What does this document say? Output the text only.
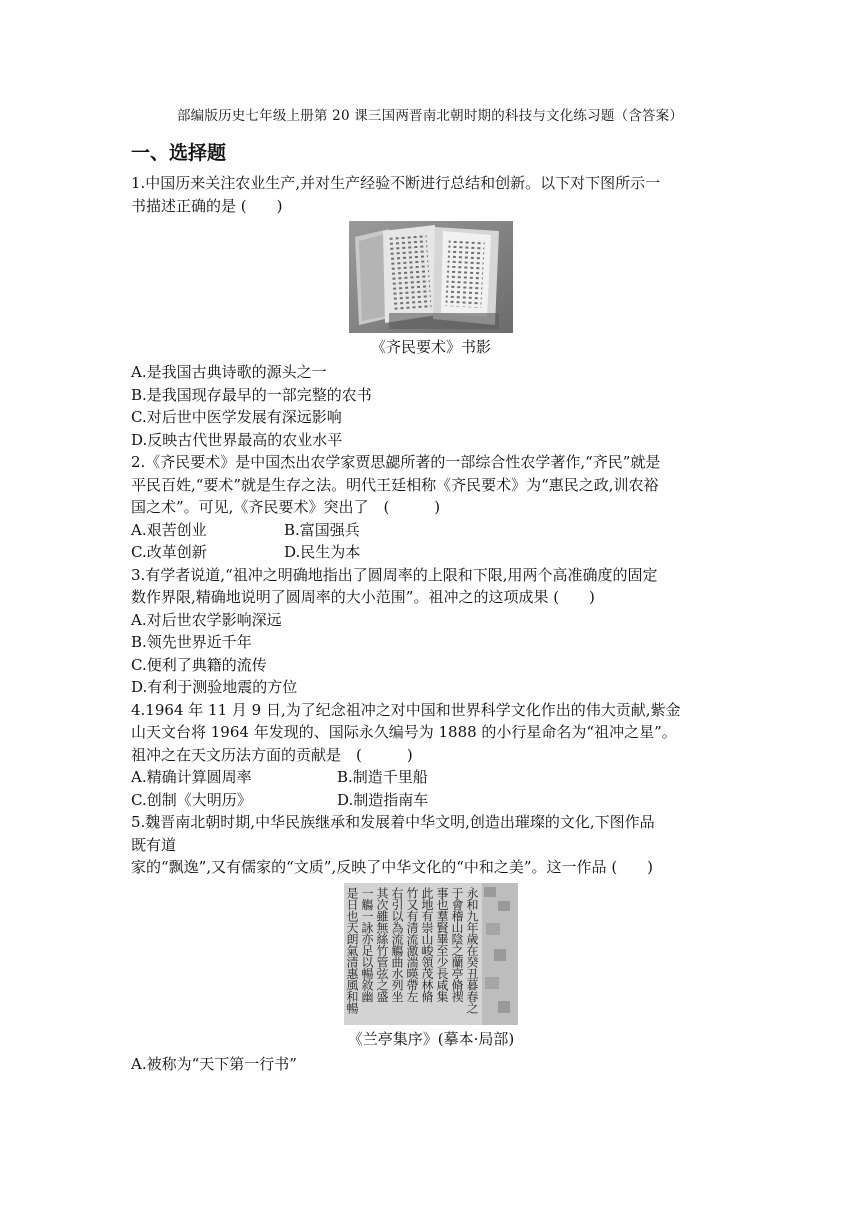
部编版历史七年级上册第 20 课三国两晋南北朝时期的科技与文化练习题（含答案）
一、选择题
1.中国历来关注农业生产,并对生产经验不断进行总结和创新。以下对下图所示一
书描述正确的是 (　　)
《齐民要术》书影
A.是我国古典诗歌的源头之一
B.是我国现存最早的一部完整的农书
C.对后世中医学发展有深远影响
D.反映古代世界最高的农业水平
2.《齐民要术》是中国杰出农学家贾思勰所著的一部综合性农学著作,“齐民”就是
平民百姓,“要术”就是生存之法。明代王廷相称《齐民要术》为“惠民之政,训农裕
国之术”。可见,《齐民要术》突出了　(　　　)
A.艰苦创业	B.富国强兵
C.改革创新	D.民生为本
3.有学者说道,“祖冲之明确地指出了圆周率的上限和下限,用两个高准确度的固定
数作界限,精确地说明了圆周率的大小范围”。祖冲之的这项成果 (　　)
A.对后世农学影响深远
B.领先世界近千年
C.便利了典籍的流传
D.有利于测验地震的方位
4.1964 年 11 月 9 日,为了纪念祖冲之对中国和世界科学文化作出的伟大贡献,紫金
山天文台将 1964 年发现的、国际永久编号为 1888 的小行星命名为“祖冲之星”。
祖冲之在天文历法方面的贡献是　(　　　)
A.精确计算圆周率	B.制造千里船
C.创制《大明历》	D.制造指南车
5.魏晋南北朝时期,中华民族继承和发展着中华文明,创造出璀璨的文化,下图作品
既有道
家的“飘逸”,又有儒家的“文质”,反映了中华文化的“中和之美”。这一作品 (　　)
永和九年歲在癸丑暮春之
于會稽山陰之蘭亭脩禊
事也羣賢畢至少長咸集
此地有崇山峻領茂林脩
竹又有清流激湍暎帶左
右引以為流觴曲水列坐
其次雖無絲竹管弦之盛
一觴一詠亦足以暢敘幽
是日也天朗氣清惠風和暢
《兰亭集序》(摹本·局部)
A.被称为“天下第一行书”
